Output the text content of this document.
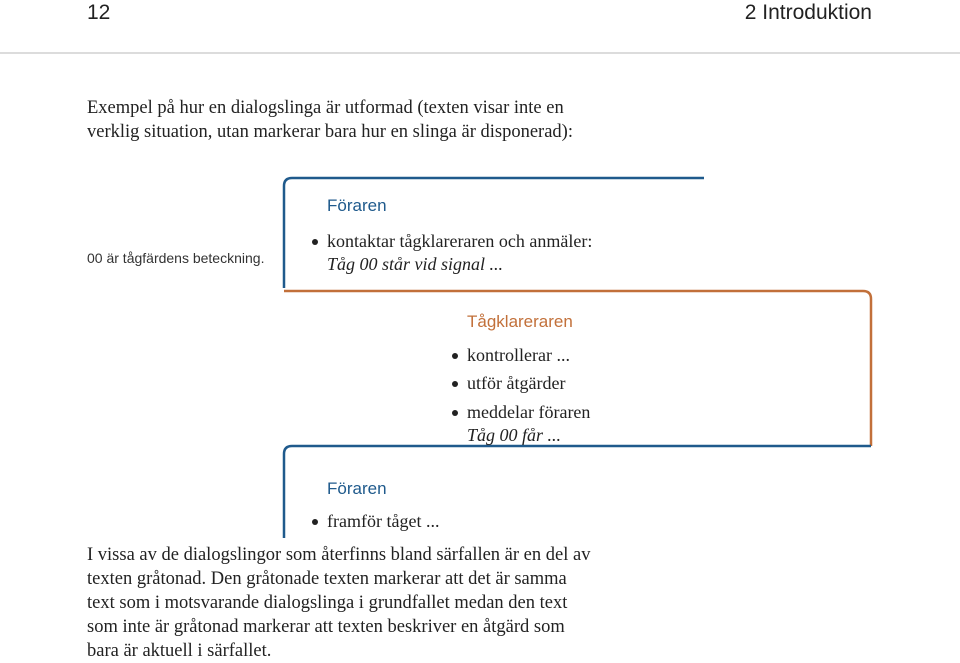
12	2 Introduktion
Exempel på hur en dialogslinga är utformad (texten visar inte en
verklig situation, utan markerar bara hur en slinga är disponerad):
00 är tågfärdens beteckning.
Föraren
kontaktar tågklareraren och anmäler:
Tåg 00 står vid signal ...
Tågklareraren
kontrollerar ...
utför åtgärder
meddelar föraren
Tåg 00 får ...
Föraren
framför tåget ...
I vissa av de dialogslingor som återfinns bland särfallen är en del av
texten gråtonad. Den gråtonade texten markerar att det är samma
text som i motsvarande dialogslinga i grundfallet medan den text
som inte är gråtonad markerar att texten beskriver en åtgärd som
bara är aktuell i särfallet.
